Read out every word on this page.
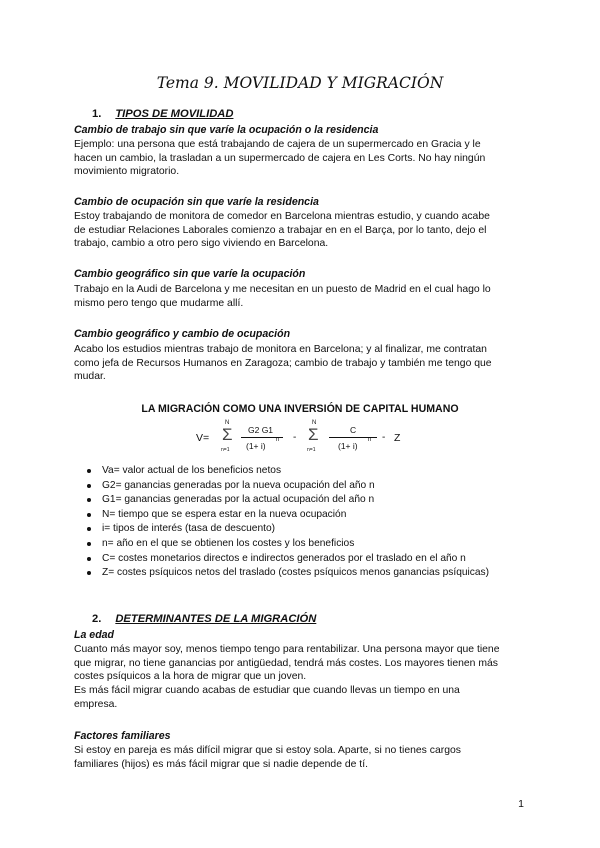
Tema 9. MOVILIDAD Y MIGRACIÓN
1. TIPOS DE MOVILIDAD
Cambio de trabajo sin que varíe la ocupación o la residencia
Ejemplo: una persona que está trabajando de cajera de un supermercado en Gracia y le
hacen un cambio, la trasladan a un supermercado de cajera en Les Corts. No hay ningún
movimiento migratorio.
Cambio de ocupación sin que varíe la residencia
Estoy trabajando de monitora de comedor en Barcelona mientras estudio, y cuando acabe
de estudiar Relaciones Laborales comienzo a trabajar en en el Barça, por lo tanto, dejo el
trabajo, cambio a otro pero sigo viviendo en Barcelona.
Cambio geográfico sin que varíe la ocupación
Trabajo en la Audi de Barcelona y me necesitan en un puesto de Madrid en el cual hago lo
mismo pero tengo que mudarme allí.
Cambio geográfico y cambio de ocupación
Acabo los estudios mientras trabajo de monitora en Barcelona; y al finalizar, me contratan
como jefa de Recursos Humanos en Zaragoza; cambio de trabajo y también me tengo que
mudar.
LA MIGRACIÓN COMO UNA INVERSIÓN DE CAPITAL HUMANO
V=
N
Σ
n=1
G2 G1
(1+ i)
n -
N
Σ
n=1
C
(1+ i)
n - Z
Va= valor actual de los beneficios netos
G2= ganancias generadas por la nueva ocupación del año n
G1= ganancias generadas por la actual ocupación del año n
N= tiempo que se espera estar en la nueva ocupación
i= tipos de interés (tasa de descuento)
n= año en el que se obtienen los costes y los beneficios
C= costes monetarios directos e indirectos generados por el traslado en el año n
Z= costes psíquicos netos del traslado (costes psíquicos menos ganancias psíquicas)
2. DETERMINANTES DE LA MIGRACIÓN
La edad
Cuanto más mayor soy, menos tiempo tengo para rentabilizar. Una persona mayor que tiene
que migrar, no tiene ganancias por antigüedad, tendrá más costes. Los mayores tienen más
costes psíquicos a la hora de migrar que un joven.
Es más fácil migrar cuando acabas de estudiar que cuando llevas un tiempo en una
empresa.
Factores familiares
Si estoy en pareja es más difícil migrar que si estoy sola. Aparte, si no tienes cargos
familiares (hijos) es más fácil migrar que si nadie depende de tí.
1
